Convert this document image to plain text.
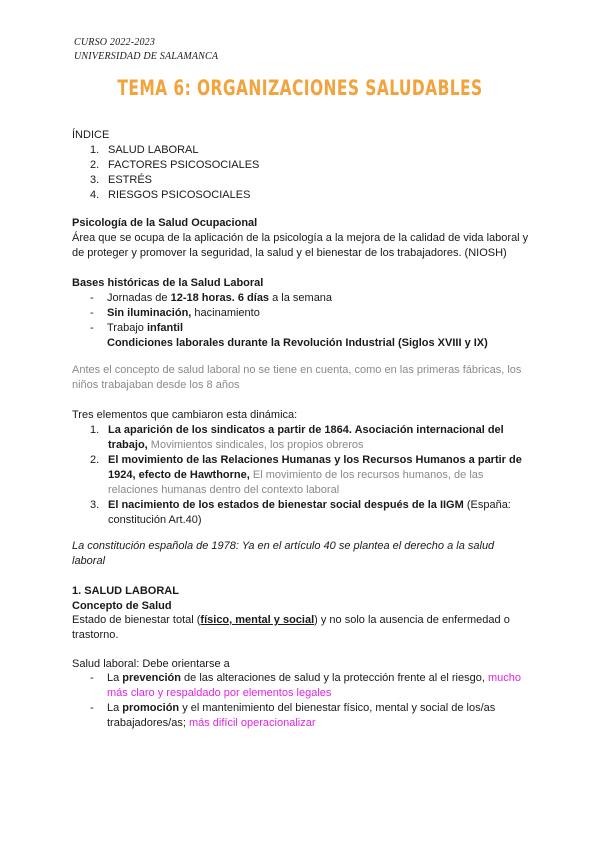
CURSO 2022-2023
UNIVERSIDAD DE SALAMANCA
TEMA 6: ORGANIZACIONES SALUDABLES
ÍNDICE
1. SALUD LABORAL
2. FACTORES PSICOSOCIALES
3. ESTRÉS
4. RIESGOS PSICOSOCIALES
Psicología de la Salud Ocupacional
Área que se ocupa de la aplicación de la psicología a la mejora de la calidad de vida laboral y de proteger y promover la seguridad, la salud y el bienestar de los trabajadores. (NIOSH)
Bases históricas de la Salud Laboral
- Jornadas de 12-18 horas. 6 días a la semana
- Sin iluminación, hacinamiento
- Trabajo infantil
Condiciones laborales durante la Revolución Industrial (Siglos XVIII y IX)
Antes el concepto de salud laboral no se tiene en cuenta, como en las primeras fábricas, los niños trabajaban desde los 8 años
Tres elementos que cambiaron esta dinámica:
1. La aparición de los sindicatos a partir de 1864. Asociación internacional del trabajo, Movimientos sindicales, los propios obreros
2. El movimiento de las Relaciones Humanas y los Recursos Humanos a partir de 1924, efecto de Hawthorne, El movimiento de los recursos humanos, de las relaciones humanas dentro del contexto laboral
3. El nacimiento de los estados de bienestar social después de la IIGM (España: constitución Art.40)
La constitución española de 1978: Ya en el artículo 40 se plantea el derecho a la salud laboral
1. SALUD LABORAL
Concepto de Salud
Estado de bienestar total (físico, mental y social) y no solo la ausencia de enfermedad o trastorno.
Salud laboral: Debe orientarse a
- La prevención de las alteraciones de salud y la protección frente al el riesgo, mucho más claro y respaldado por elementos legales
- La promoción y el mantenimiento del bienestar físico, mental y social de los/as trabajadores/as; más difícil operacionalizar
